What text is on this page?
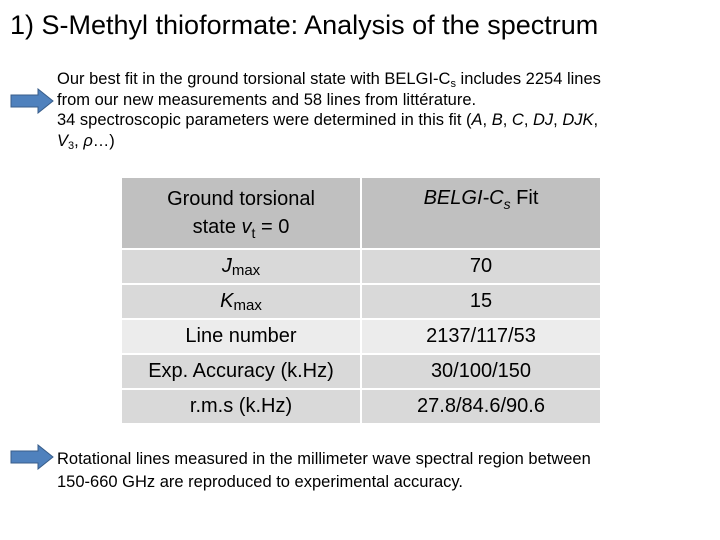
1) S-Methyl thioformate: Analysis of the spectrum
Our best fit in the ground torsional state with BELGI-$C_s$ includes 2254 lines
from our new measurements and 58 lines from littérature.
34 spectroscopic parameters were determined in this fit (A, B, C, DJ, DJK,
$V_3$, ρ…)
Ground torsional
state $v_t = 0$	BELGI-$C_s$ Fit
Jmax	70
Kmax	15
Line number	2137/117/53
Exp. Accuracy (k.Hz)	30/100/150
r.m.s (k.Hz)	27.8/84.6/90.6
Rotational lines measured in the millimeter wave spectral region between
150-660 GHz are reproduced to experimental accuracy.
